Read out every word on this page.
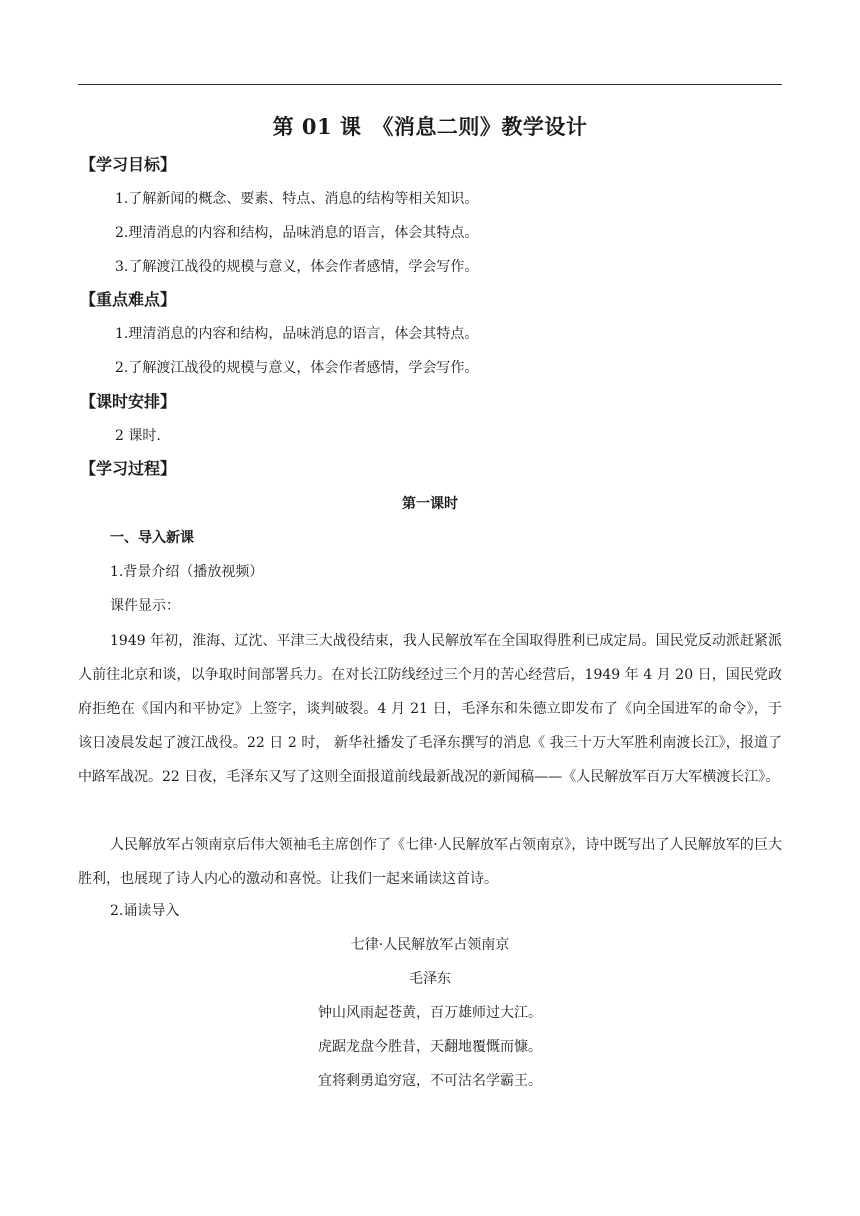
第 01 课　《消息二则》教学设计
【学习目标】
1.了解新闻的概念、要素、特点、消息的结构等相关知识。
2.理清消息的内容和结构，品味消息的语言，体会其特点。
3.了解渡江战役的规模与意义，体会作者感情，学会写作。
【重点难点】
1.理清消息的内容和结构，品味消息的语言，体会其特点。
2.了解渡江战役的规模与意义，体会作者感情，学会写作。
【课时安排】
2 课时.
【学习过程】
第一课时
一、导入新课
1.背景介绍（播放视频）
课件显示：

1949 年初，淮海、辽沈、平津三大战役结束，我人民解放军在全国取得胜利已成定局。国民党反动派赶紧派人前往北京和谈，以争取时间部署兵力。在对长江防线经过三个月的苦心经营后，1949 年 4 月 20 日，国民党政府拒绝在《国内和平协定》上签字，谈判破裂。4 月 21 日，毛泽东和朱德立即发布了《向全国进军的命令》，于该日凌晨发起了渡江战役。22 日 2 时， 新华社播发了毛泽东撰写的消息《 我三十万大军胜利南渡长江》，报道了中路军战况。22 日夜，毛泽东又写了这则全面报道前线最新战况的新闻稿——《人民解放军百万大军横渡长江》。

人民解放军占领南京后伟大领袖毛主席创作了《七律·人民解放军占领南京》，诗中既写出了人民解放军的巨大胜利，也展现了诗人内心的激动和喜悦。让我们一起来诵读这首诗。

2.诵读导入
七律·人民解放军占领南京
毛泽东
钟山风雨起苍黄，百万雄师过大江。
虎踞龙盘今胜昔，天翻地覆慨而慷。
宜将剩勇追穷寇，不可沽名学霸王。
